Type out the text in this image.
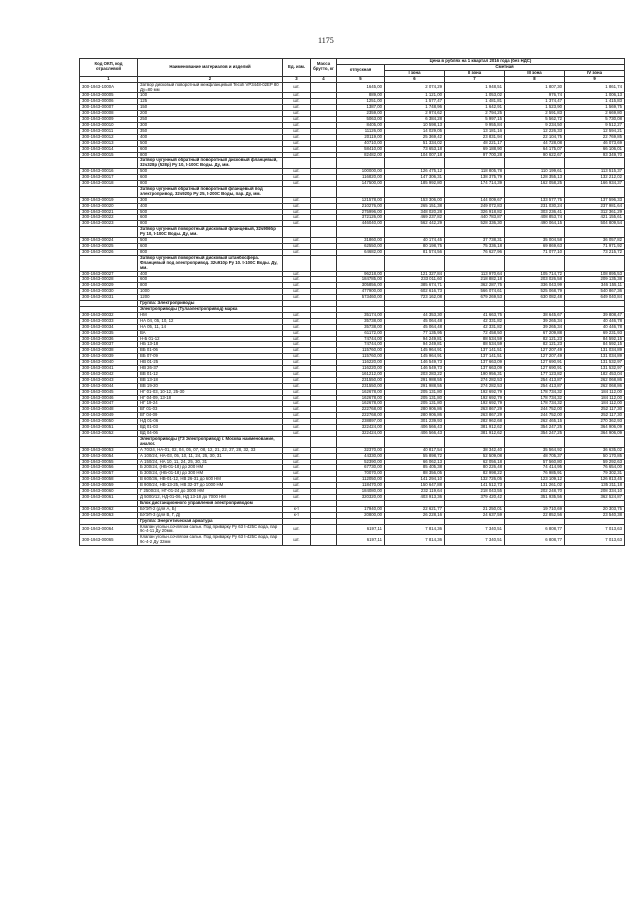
1175
Код ОКП, код отраслевой	Наименование материалов и изделий	Ед. изм.	Масса брутто, кг	Цена в рублях на 1 квартал 2016 года (без НДС)				
				отпускная	Сметная			
					I зона	II зона	III зона	IV зона
1	2	3	4	5	6	7	8	9
300-1943-1000A	Затвор дисковый поворотный межфланцевый Tecofi VP3448-02EP 80 Ду=80 мм	шт.		1645,00	2 074,29	1 948,51	1 807,30	1 861,74
300-1943-00005	100	шт.		889,00	1 121,00	1 053,02	976,74	1 006,13
300-1943-00006	125	шт.		1251,00	1 577,47	1 481,81	1 374,47	1 415,83
300-1943-00007	150	шт.		1387,00	1 748,96	1 642,91	1 523,90	1 569,75
300-1943-00008	200	шт.		2359,00	2 974,62	2 794,25	2 591,83	2 669,80
300-1943-00009	250	шт.		5063,00	6 384,28	5 997,15	5 562,72	5 730,08
300-1943-00010	300	шт.		8405,00	10 598,13	9 955,84	9 234,50	9 512,27
300-1943-00011	350	шт.		11126,00	14 029,05	13 181,16	12 226,33	12 594,21
300-1943-00012	400	шт.		20119,00	25 369,42	23 831,94	22 104,75	22 769,85
300-1943-00013	500	шт.		40710,00	51 334,02	48 221,17	44 728,08	46 073,69
300-1943-00014	600	шт.		58410,00	73 653,18	69 188,90	64 175,07	66 106,01
300-1943-00015	800	шт.		82482,00	104 007,18	97 700,28	90 622,67	93 349,70
	Затвор чугунный обратный поворотный дисковый фланцевый, 32ч328р (528р) Ру 10, t-100С Воды. Ду, мм.							
300-1943-00016	500	шт.		100000,00	126 475,12	118 805,78	110 199,61	113 515,37
300-1943-00017	600	шт.		116820,00	147 306,31	138 375,79	128 355,13	132 212,02
300-1943-00018	800	шт.		147500,00	185 992,80	174 714,39	162 058,25	166 934,37
	Затвор чугунный обратный поворотный фланцевый под электропривод. 32ч920р Ру 25, t-200С Воды, пар. Ду, мм.							
300-1943-00019	300	шт.		121578,00	153 306,00	144 009,67	133 577,75	137 596,33
300-1943-00020	400	шт.		210276,00	265 151,38	249 072,83	231 030,24	237 981,64
300-1943-00021	500	шт.		275996,00	348 020,28	326 918,82	303 236,41	312 361,29
300-1943-00022	600	шт.		372126,00	469 237,82	440 783,87	408 853,74	421 155,61
300-1943-00023	800	шт.		446040,00	562 442,29	528 336,30	490 064,15	504 809,54
	Затвор чугунный поворотный дисковый фланцевый, 32ч906бр Ру 10, t-100С Воды. Ду, мм.							
300-1943-00024	500	шт.		31860,00	40 174,45	37 738,31	35 004,58	36 057,82
300-1943-00025	600	шт.		62550,00	80 198,75	75 336,18	69 869,63	71 971,92
300-1943-00026	800	шт.		64682,00	81 574,56	76 627,96	71 077,10	73 215,72
	Затвор чугунный поворотный дисковый штанбосфера. Фланцевый под электропривод. 32ч910р Ру 10. t-100С Воды. Ду, мм.							
300-1943-00027	400	шт.		96218,00	121 327,84	113 970,64	105 714,72	108 895,53
300-1943-00028	600	шт.		184785,00	233 011,60	218 882,18	203 026,58	209 135,38
300-1943-00029	800	шт.		305856,00	385 674,71	362 287,75	336 043,99	346 155,11
300-1943-00030	1000	шт.		477900,00	602 616,73	566 074,61	525 068,79	540 867,36
300-1943-00031	1200	шт.		573460,00	723 162,08	679 269,53	630 082,48	649 040,84
	Группа: Электроприводы							
	Электроприводы (Тулаэлектропривод) марка							
300-1943-00032	НМ	шт.		35174,00	44 353,30	41 663,75	38 645,67	39 808,47
300-1943-00033	НА 04, 05, 10, 12	шт.		35738,00	45 064,48	42 331,82	39 265,34	40 446,78
300-1943-00034	НА 05, 11, 14	шт.		35738,00	45 064,48	42 331,82	39 265,34	40 446,78
300-1943-00035	ВА	шт.		61172,00	77 135,95	72 458,50	67 209,88	69 231,93
300-1943-00036	Н-Б 01-12	шт.		74744,00	94 249,81	88 534,59	82 121,23	84 592,15
300-1943-00037	НБ 13-18	шт.		74744,00	94 249,81	88 534,59	82 121,23	84 592,15
300-1943-00038	ВБ 01-06	шт.		115760,00	145 964,91	137 141,51	127 207,49	131 034,89
300-1943-00039	ВБ 07-09	шт.		115760,00	145 964,91	137 141,51	127 207,49	131 034,89
300-1943-00040	НВ 01-25	шт.		116220,00	146 549,73	137 663,09	127 690,91	131 532,97
300-1943-00041	НВ 26-37	шт.		116220,00	146 549,73	137 663,09	127 690,91	131 532,97
300-1943-00042	ВВ 01-12	шт.		161212,00	203 283,22	190 956,31	177 123,82	182 453,04
300-1943-00043	ВВ 13-18	шт.		231550,00	291 988,55	274 282,53	254 413,87	262 068,86
300-1943-00044	ВВ 19-20	шт.		231550,00	291 988,55	274 282,53	254 413,87	262 068,86
300-1943-00045	НГ 01-03, 10-12, 25-30	шт.		162678,00	205 131,80	192 692,79	178 734,32	184 112,00
300-1943-00046	НГ 04-09, 13-18	шт.		162678,00	205 131,80	192 692,79	178 734,32	184 112,00
300-1943-00047	НГ 19-24	шт.		162678,00	205 131,80	192 692,79	178 734,32	184 112,00
300-1943-00048	ВГ 01-03	шт.		222768,00	280 906,86	263 867,29	244 752,00	252 117,30
300-1943-00049	ВГ 04-09	шт.		222768,00	280 906,86	263 867,29	244 752,00	252 117,30
300-1943-00050	НД 01-06	шт.		238897,00	301 239,93	282 962,68	262 465,15	270 362,93
300-1943-00051	ВД 01-03	шт.		322424,00	406 566,43	381 912,62	354 247,25	364 906,09
300-1943-00052	ВД 04-06	шт.		322424,00	406 566,43	381 912,62	354 247,25	364 906,09
	Электроприводы (ГЗ Электропривод) г. Москва наименование, аналог.							
300-1943-00053	А 70/24, НА-01, 02, 04, 05, 07, 08, 12, 21, 22, 27, 28, 32, 33	шт.		32370,00	40 817,54	38 342,40	35 564,92	36 635,02
300-1943-00054	А 100/24, НА-03, 05, 10, 11, 24, 25, 30, 31	шт.		44330,00	55 898,72	52 509,08	48 705,37	50 170,85
300-1943-00055	А 150/24, НА 10, 11, 24, 25, 30, 31	шт.		52390,00	66 062,13	62 056,18	57 560,80	59 292,63
300-1943-00056	Б 200/24, (НБ-01-18) до 200 НМ	шт.		67730,00	85 405,38	80 226,48	74 414,95	76 654,00
300-1943-00057	Б 300/24, (НБ-01-18) до 300 НМ	шт.		70070,00	88 356,05	82 998,22	76 985,91	79 302,31
300-1943-00058	В 600/36, НВ-01-12, НВ 26-31 до 600 НМ	шт.		112050,00	141 294,10	132 726,05	123 109,12	126 813,45
300-1943-00059	В 900/24, НВ-13-25, НВ 32-37 до 1000 НМ	шт.		118470,00	150 647,88	141 512,73	131 261,02	135 211,18
300-1943-00060	Г 2500/24, НГ-01-24 до 3000 НМ	шт.		184080,00	232 119,64	218 043,55	202 248,70	208 334,10
300-1943-00061	Д 5000/12, НД-01-06, НД 13-18 до 7000 НМ	шт.		320320,00	403 913,36	379 420,42	351 935,56	362 524,87
	Блок дистанционного управления электроприводом							
300-1943-00062	БУЭП-2 (для А, Б)	к-т		17940,00	22 621,77	21 250,01	19 710,69	20 303,75
300-1943-00063	БУЭП-3 (для В, Г, Д)	к-т		20800,00	26 228,16	24 637,59	22 852,56	23 540,38
	Группа: Энергетическая арматура							
300-1943-00064	Клапан угольн.сочлягом сальн. Под приварку Ру 63 t-425С вода, пар 9с-4-11 Ду 20мм.	шт.		6197,11	7 814,36	7 340,51	6 808,77	7 013,63
300-1943-00065	Клапан угольн.сочлягом сальн. Под приварку Ру 63 t-425С вода, пар 9с-4-2 Ду 32мм	шт.		6197,11	7 814,36	7 340,51	6 808,77	7 013,63
